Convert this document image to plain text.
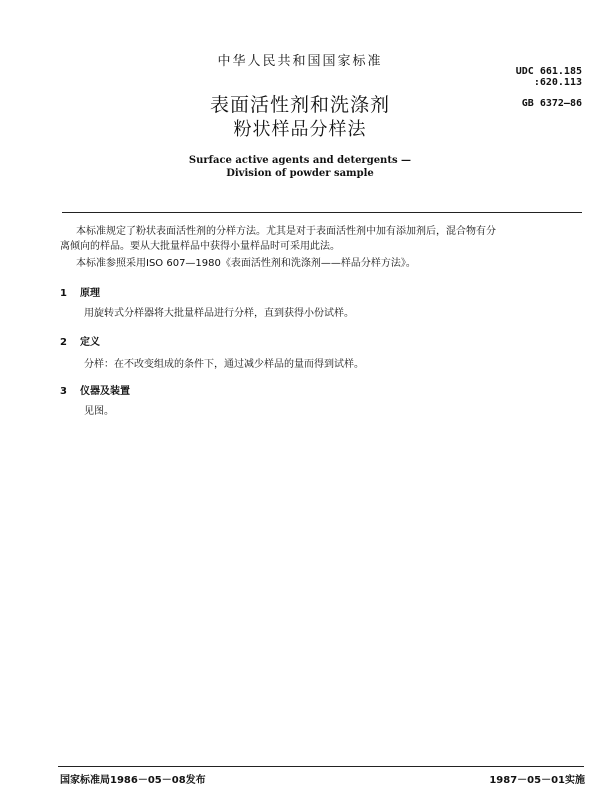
中华人民共和国国家标准
UDC 661.185
:620.113
GB 6372—86
表面活性剂和洗涤剂
粉状样品分样法
Surface active agents and detergents —
Division of powder sample
本标准规定了粉状表面活性剂的分样方法。尤其是对于表面活性剂中加有添加剂后，混合物有分
离倾向的样品。要从大批量样品中获得小量样品时可采用此法。
本标准参照采用ISO 607—1980《表面活性剂和洗涤剂——样品分样方法》。
1 原理
用旋转式分样器将大批量样品进行分样，直到获得小份试样。
2 定义
分样：在不改变组成的条件下，通过减少样品的量而得到试样。
3 仪器及装置
见图。
国家标准局1986－05－08发布	1987－05－01实施
